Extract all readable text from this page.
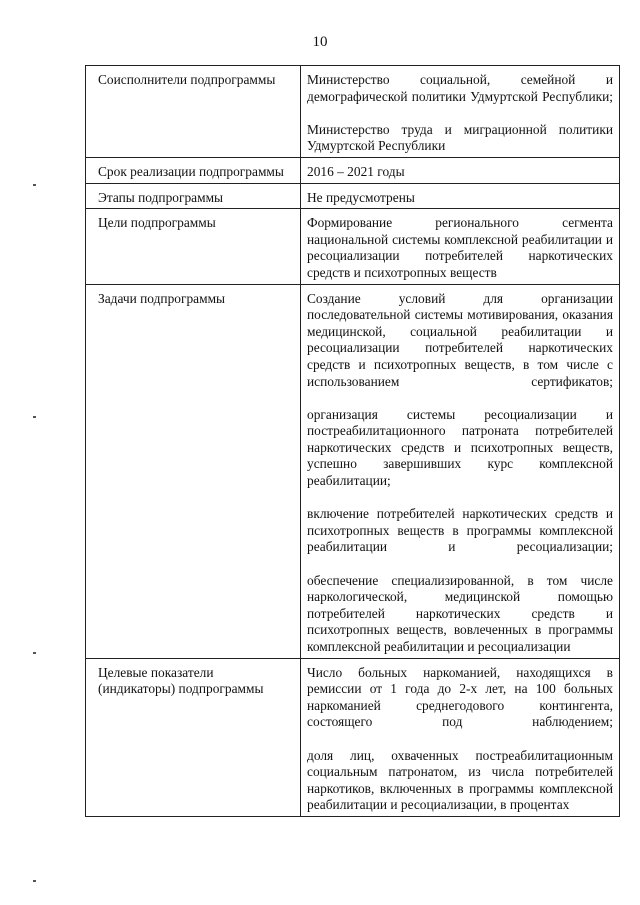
10
Соисполнители подпрограммы	Министерство социальной, семейной и демографической политики Удмуртской Республики;
Министерство труда и миграционной политики Удмуртской Республики

Срок реализации подпрограммы	2016 – 2021 годы
Этапы подпрограммы	Не предусмотрены
Цели подпрограммы	Формирование регионального сегмента национальной системы комплексной реабилитации и ресоциализации потребителей наркотических средств и психотропных веществ

Задачи подпрограммы	Создание условий для организации последовательной системы мотивирования, оказания медицинской, социальной реабилитации и ресоциализации потребителей наркотических средств и психотропных веществ, в том числе с использованием сертификатов;
организация системы ресоциализации и постреабилитационного патроната потребителей наркотических средств и психотропных веществ, успешно завершивших курс комплексной реабилитации;
включение потребителей наркотических средств и психотропных веществ в программы комплексной реабилитации и ресоциализации;
обеспечение специализированной, в том числе наркологической, медицинской помощью потребителей наркотических средств и психотропных веществ, вовлеченных в программы комплексной реабилитации и ресоциализации

Целевые показатели (индикаторы) подпрограммы	Число больных наркоманией, находящихся в ремиссии от 1 года до 2-х лет, на 100 больных наркоманией среднегодового контингента, состоящего под наблюдением;
доля лиц, охваченных постреабилитационным социальным патронатом, из числа потребителей наркотиков, включенных в программы комплексной реабилитации и ресоциализации, в процентах
